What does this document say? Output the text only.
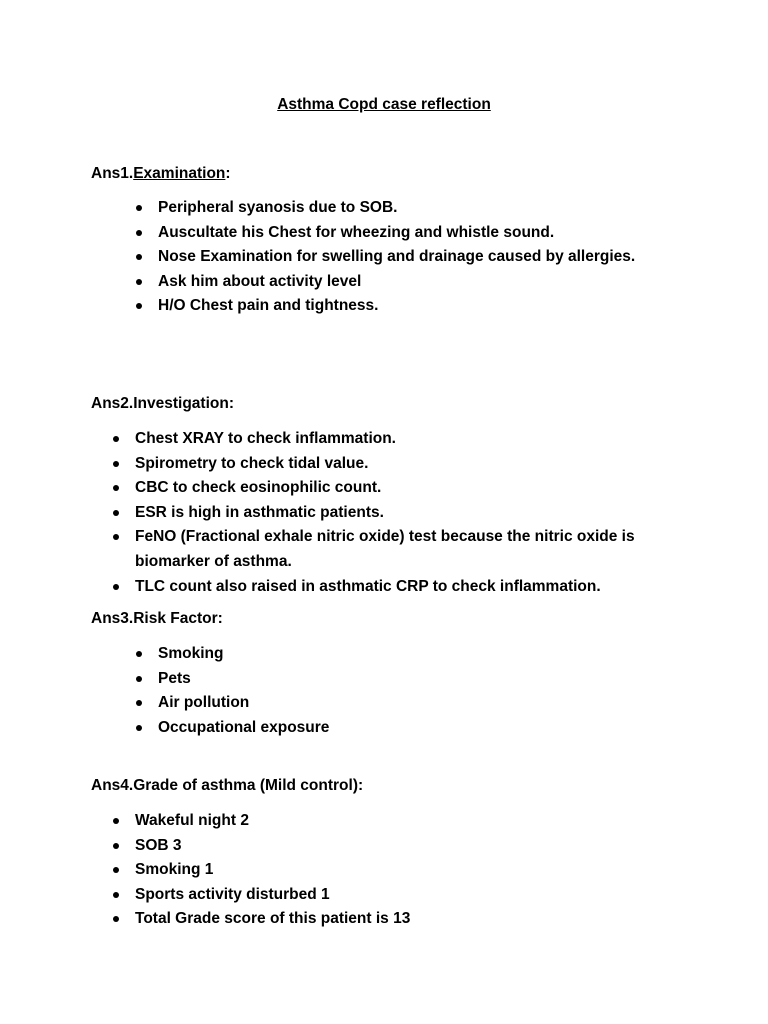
Asthma Copd case reflection
Ans1.Examination:
Peripheral syanosis due to SOB.
Auscultate his Chest for wheezing and whistle sound.
Nose Examination for swelling and drainage caused by allergies.
Ask him about activity level
H/O Chest pain and tightness.
Ans2.Investigation:
Chest XRAY to check inflammation.
Spirometry to check tidal value.
CBC to check eosinophilic count.
ESR is high in asthmatic patients.
FeNO (Fractional exhale nitric oxide) test because the nitric oxide is biomarker of asthma.
TLC count also raised in asthmatic CRP to check inflammation.
Ans3.Risk Factor:
Smoking
Pets
Air pollution
Occupational exposure
Ans4.Grade of asthma (Mild control):
Wakeful night 2
SOB 3
Smoking 1
Sports activity disturbed 1
Total Grade score of this patient is 13
